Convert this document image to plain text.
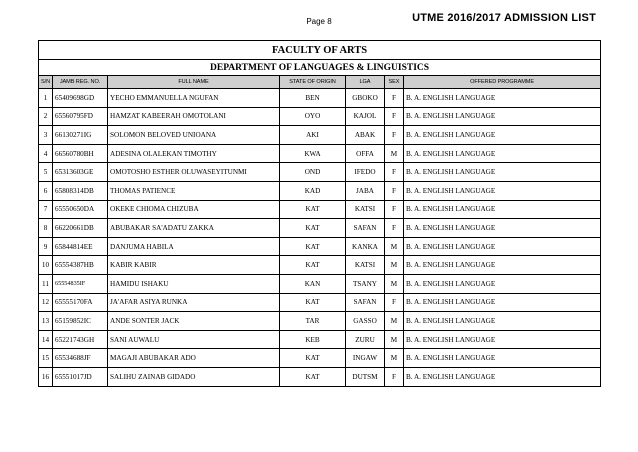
Page 8	UTME 2016/2017 ADMISSION LIST
FACULTY OF ARTS						
DEPARTMENT OF LANGUAGES & LINGUISTICS						
S/N	JAMB REG. NO.	FULL NAME	STATE OF ORIGIN	LGA	SEX	OFFERED PROGRAMME
1	65409698GD	YECHO EMMANUELLA NGUFAN	BEN	GBOKO	F	B. A. ENGLISH LANGUAGE
2	65560795FD	HAMZAT KABEERAH OMOTOLANI	OYO	KAJOL	F	B. A. ENGLISH LANGUAGE
3	66130271IG	SOLOMON BELOVED UNIOANA	AKI	ABAK	F	B. A. ENGLISH LANGUAGE
4	66560780BH	ADESINA OLALEKAN TIMOTHY	KWA	OFFA	M	B. A. ENGLISH LANGUAGE
5	65313603GE	OMOTOSHO ESTHER OLUWASEYITUNMI	OND	IFEDO	F	B. A. ENGLISH LANGUAGE
6	65808314DB	THOMAS PATIENCE	KAD	JABA	F	B. A. ENGLISH LANGUAGE
7	65550650DA	OKEKE CHIOMA CHIZUBA	KAT	KATSI	F	B. A. ENGLISH LANGUAGE
8	66220661DB	ABUBAKAR SA'ADATU ZAKKA	KAT	SAFAN	F	B. A. ENGLISH LANGUAGE
9	65844814EE	DANJUMA HABILA	KAT	KANKA	M	B. A. ENGLISH LANGUAGE
10	65554387HB	KABIR KABIR	KAT	KATSI	M	B. A. ENGLISH LANGUAGE
11	65554835IF	HAMIDU ISHAKU	KAN	TSANY	M	B. A. ENGLISH LANGUAGE
12	65555170FA	JA'AFAR ASIYA RUNKA	KAT	SAFAN	F	B. A. ENGLISH LANGUAGE
13	65159852IC	ANDE SONTER JACK	TAR	GASSO	M	B. A. ENGLISH LANGUAGE
14	65221743GH	SANI AUWALU	KEB	ZURU	M	B. A. ENGLISH LANGUAGE
15	65534688JF	MAGAJI ABUBAKAR ADO	KAT	INGAW	M	B. A. ENGLISH LANGUAGE
16	65551017JD	SALIHU ZAINAB GIDADO	KAT	DUTSM	F	B. A. ENGLISH LANGUAGE
